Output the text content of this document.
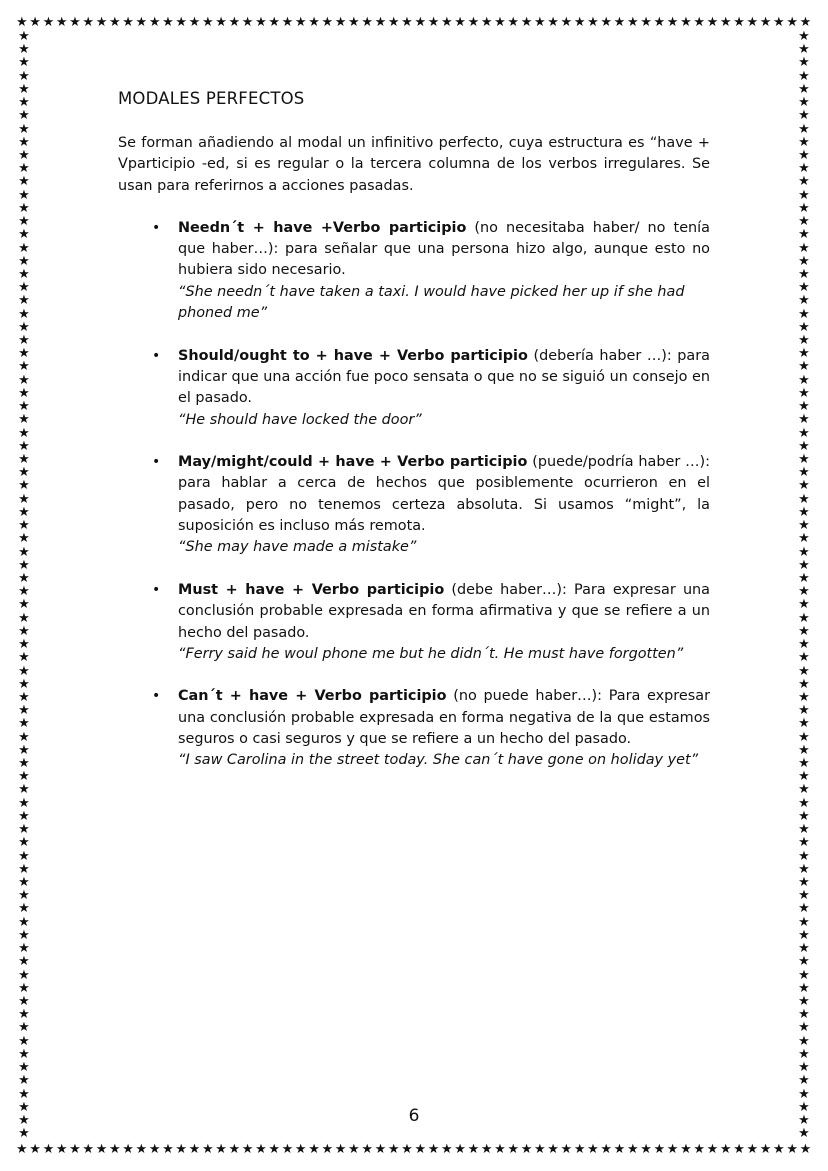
★ ★ ★ ★ ★ ★ ★ ★ ★ ★ ★ ★ ★ ★ ★ ★ ★ ★ ★ ★ ★ ★ ★ ★ ★ ★ ★ ★ ★ ★ ★ ★ ★ ★ ★ ★ ★ ★ ★ ★ ★ ★ ★ ★ ★ ★ ★ ★ ★ ★ ★ ★ ★ ★ ★ ★ ★ ★ ★ ★
★ ★ ★ ★ ★ ★ ★ ★ ★ ★ ★ ★ ★ ★ ★ ★ ★ ★ ★ ★ ★ ★ ★ ★ ★ ★ ★ ★ ★ ★ ★ ★ ★ ★ ★ ★ ★ ★ ★ ★ ★ ★ ★ ★ ★ ★ ★ ★ ★ ★ ★ ★ ★ ★ ★ ★ ★ ★ ★ ★
★
★
★
★
★
★
★
★
★
★
★
★
★
★
★
★
★
★
★
★
★
★
★
★
★
★
★
★
★
★
★
★
★
★
★
★
★
★
★
★
★
★
★
★
★
★
★
★
★
★
★
★
★
★
★
★
★
★
★
★
★
★
★
★
★
★
★
★
★
★
★
★
★
★
★
★
★
★
★
★
★
★
★
★
★
★
★
★
★
★
★
★
★
★
★
★
★
★
★
★
★
★
★
★
★
★
★
★
★
★
★
★
★
★
★
★
★
★
★
★
★
★
★
★
★
★
★
★
★
★
★
★
★
★
★
★
★
★
★
★
★
★
★
★
★
★
★
★
★
★
★
★
★
★
★
★
★
★
★
★
★
★
★
★
★
★
★
★
MODALES PERFECTOS

Se forman añadiendo al modal un infinitivo perfecto, cuya estructura es “have + Vparticipio -ed, si es regular o la tercera columna de los verbos irregulares. Se usan para referirnos a acciones pasadas.

• Needn´t + have +Verbo participio (no necesitaba haber/ no tenía que haber…): para señalar que una persona hizo algo, aunque esto no hubiera sido necesario.

“She needn´t have taken a taxi. I would have picked her up if she had phoned me”

• Should/ought to + have + Verbo participio (debería haber …): para indicar que una acción fue poco sensata o que no se siguió un consejo en el pasado.

“He should have locked the door”

• May/might/could + have + Verbo participio (puede/podría haber …): para hablar a cerca de hechos que posiblemente ocurrieron en el pasado, pero no tenemos certeza absoluta. Si usamos “might”, la suposición es incluso más remota.

“She may have made a mistake”

• Must + have + Verbo participio (debe haber…): Para expresar una conclusión probable expresada en forma afirmativa y que se refiere a un hecho del pasado.

“Ferry said he woul phone me but he didn´t. He must have forgotten”

• Can´t + have + Verbo participio (no puede haber…): Para expresar una conclusión probable expresada en forma negativa de la que estamos seguros o casi seguros y que se refiere a un hecho del pasado.

“I saw Carolina in the street today. She can´t have gone on holiday yet”

6
